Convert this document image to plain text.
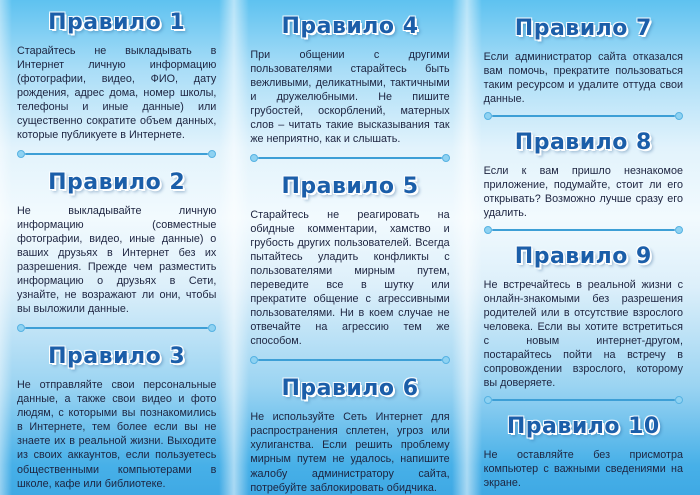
Правило 1

Старайтесь не выкладывать в Интернет личную информацию (фотографии, видео, ФИО, дату рождения, адрес дома, номер школы, телефоны и иные данные) или существенно сократите объем данных, которые публикуете в Интернете.

Правило 2

Не выкладывайте личную информацию (совместные фотографии, видео, иные данные) о ваших друзьях в Интернет без их разрешения. Прежде чем разместить информацию о друзьях в Сети, узнайте, не возражают ли они, чтобы вы выложили данные.

Правило 3

Не отправляйте свои персональные данные, а также свои видео и фото людям, с которыми вы познакомились в Интернете, тем более если вы не знаете их в реальной жизни. Выходите из своих аккаунтов, если пользуетесь общественными компьютерами в школе, кафе или библиотеке.

Правило 4

При общении с другими пользователями старайтесь быть вежливыми, деликатными, тактичными и дружелюбными. Не пишите грубостей, оскорблений, матерных слов – читать такие высказывания так же неприятно, как и слышать.

Правило 5

Старайтесь не реагировать на обидные комментарии, хамство и грубость других пользователей. Всегда пытайтесь уладить конфликты с пользователями мирным путем, переведите все в шутку или прекратите общение с агрессивными пользователями. Ни в коем случае не отвечайте на агрессию тем же способом.

Правило 6

Не используйте Сеть Интернет для распространения сплетен, угроз или хулиганства. Если решить проблему мирным путем не удалось, напишите жалобу администратору сайта, потребуйте заблокировать обидчика.

Правило 7

Если администратор сайта отказался вам помочь, прекратите пользоваться таким ресурсом и удалите оттуда свои данные.

Правило 8

Если к вам пришло незнакомое приложение, подумайте, стоит ли его открывать? Возможно лучше сразу его удалить.

Правило 9

Не встречайтесь в реальной жизни с онлайн-знакомыми без разрешения родителей или в отсутствие взрослого человека. Если вы хотите встретиться с новым интернет-другом, постарайтесь пойти на встречу в сопровождении взрослого, которому вы доверяете.

Правило 10

Не оставляйте без присмотра компьютер с важными сведениями на экране.
